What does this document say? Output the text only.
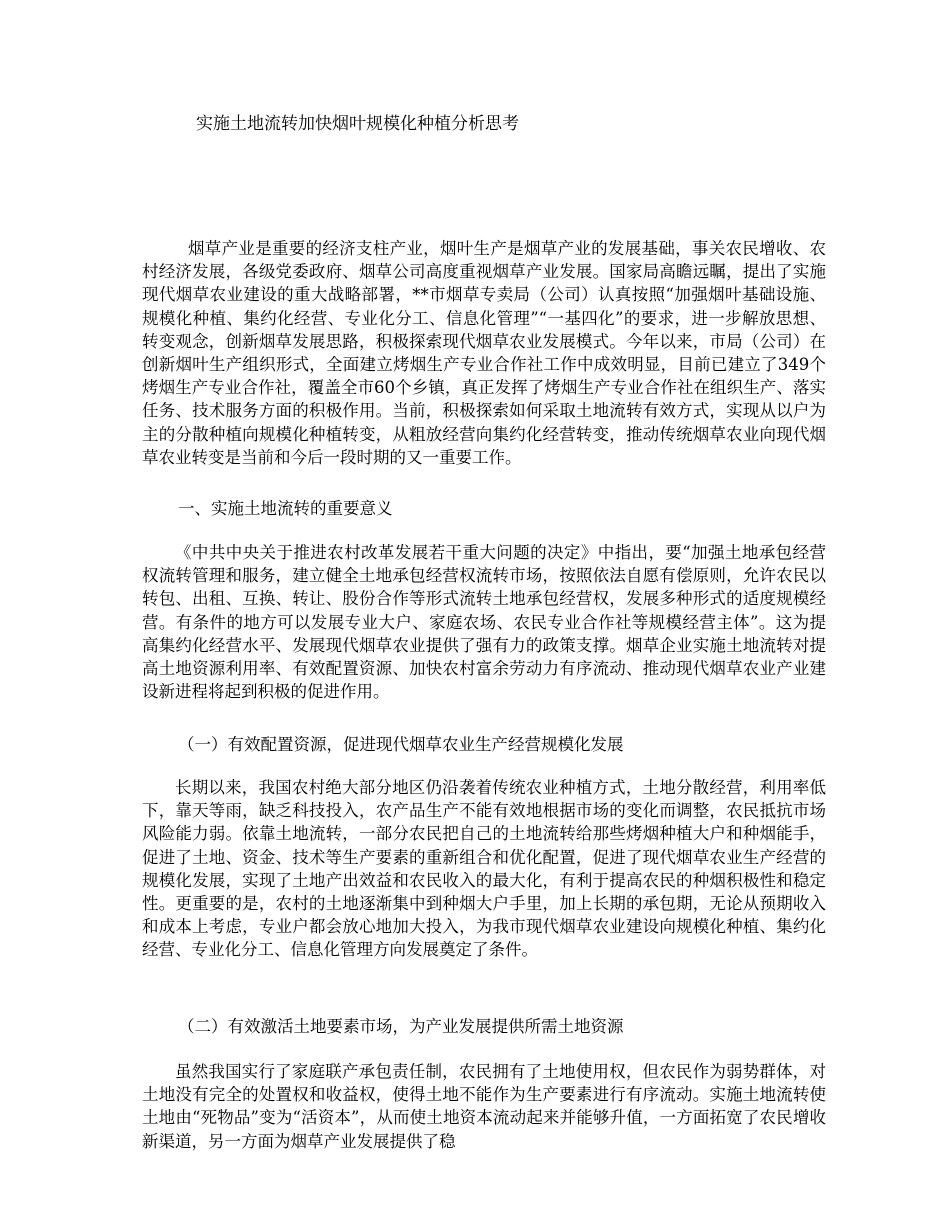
实施土地流转加快烟叶规模化种植分析思考

烟草产业是重要的经济支柱产业，烟叶生产是烟草产业的发展基础，事关农民增收、农村经济发展，各级党委政府、烟草公司高度重视烟草产业发展。国家局高瞻远瞩，提出了实施现代烟草农业建设的重大战略部署，**市烟草专卖局（公司）认真按照“加强烟叶基础设施、规模化种植、集约化经营、专业化分工、信息化管理”“一基四化”的要求，进一步解放思想、转变观念，创新烟草发展思路，积极探索现代烟草农业发展模式。今年以来，市局（公司）在创新烟叶生产组织形式，全面建立烤烟生产专业合作社工作中成效明显，目前已建立了349个烤烟生产专业合作社，覆盖全市60个乡镇，真正发挥了烤烟生产专业合作社在组织生产、落实任务、技术服务方面的积极作用。当前，积极探索如何采取土地流转有效方式，实现从以户为主的分散种植向规模化种植转变，从粗放经营向集约化经营转变，推动传统烟草农业向现代烟草农业转变是当前和今后一段时期的又一重要工作。

一、实施土地流转的重要意义

《中共中央关于推进农村改革发展若干重大问题的决定》中指出，要“加强土地承包经营权流转管理和服务，建立健全土地承包经营权流转市场，按照依法自愿有偿原则，允许农民以转包、出租、互换、转让、股份合作等形式流转土地承包经营权，发展多种形式的适度规模经营。有条件的地方可以发展专业大户、家庭农场、农民专业合作社等规模经营主体”。这为提高集约化经营水平、发展现代烟草农业提供了强有力的政策支撑。烟草企业实施土地流转对提高土地资源利用率、有效配置资源、加快农村富余劳动力有序流动、推动现代烟草农业产业建设新进程将起到积极的促进作用。

（一）有效配置资源，促进现代烟草农业生产经营规模化发展

长期以来，我国农村绝大部分地区仍沿袭着传统农业种植方式，土地分散经营，利用率低下，靠天等雨，缺乏科技投入，农产品生产不能有效地根据市场的变化而调整，农民抵抗市场风险能力弱。依靠土地流转，一部分农民把自己的土地流转给那些烤烟种植大户和种烟能手，促进了土地、资金、技术等生产要素的重新组合和优化配置，促进了现代烟草农业生产经营的规模化发展，实现了土地产出效益和农民收入的最大化，有利于提高农民的种烟积极性和稳定性。更重要的是，农村的土地逐渐集中到种烟大户手里，加上长期的承包期，无论从预期收入和成本上考虑，专业户都会放心地加大投入，为我市现代烟草农业建设向规模化种植、集约化经营、专业化分工、信息化管理方向发展奠定了条件。

（二）有效激活土地要素市场，为产业发展提供所需土地资源

虽然我国实行了家庭联产承包责任制，农民拥有了土地使用权，但农民作为弱势群体，对土地没有完全的处置权和收益权，使得土地不能作为生产要素进行有序流动。实施土地流转使土地由“死物品”变为“活资本”，从而使土地资本流动起来并能够升值，一方面拓宽了农民增收新渠道，另一方面为烟草产业发展提供了稳
